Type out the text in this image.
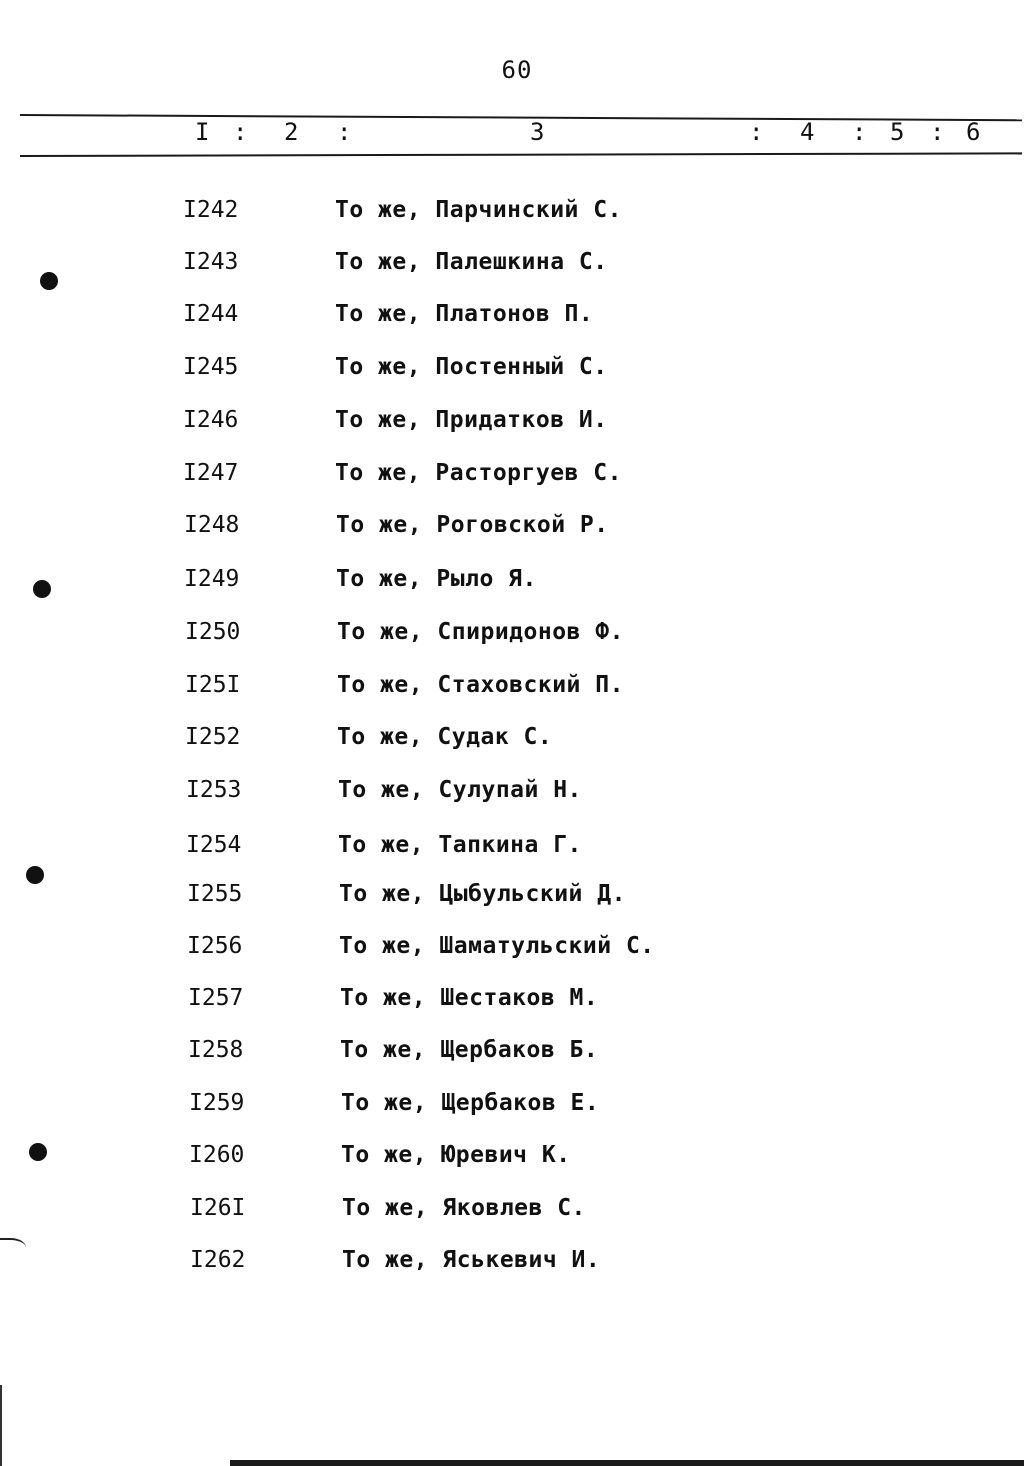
60
I : 2 :	3	: 4 : 5 : 6
I242	То же, Парчинский С.
I243	То же, Палешкина С.
I244	То же, Платонов П.
I245	То же, Постенный С.
I246	То же, Придатков И.
I247	То же, Расторгуев С.
I248	То же, Роговской Р.
I249	То же, Рыло Я.
I250	То же, Спиридонов Ф.
I25I	То же, Стаховский П.
I252	То же, Судак С.
I253	То же, Сулупай Н.
I254	То же, Тапкина Г.
I255	То же, Цыбульский Д.
I256	То же, Шаматульский С.
I257	То же, Шестаков М.
I258	То же, Щербаков Б.
I259	То же, Щербаков Е.
I260	То же, Юревич К.
I26I	То же, Яковлев С.
I262	То же, Яськевич И.
